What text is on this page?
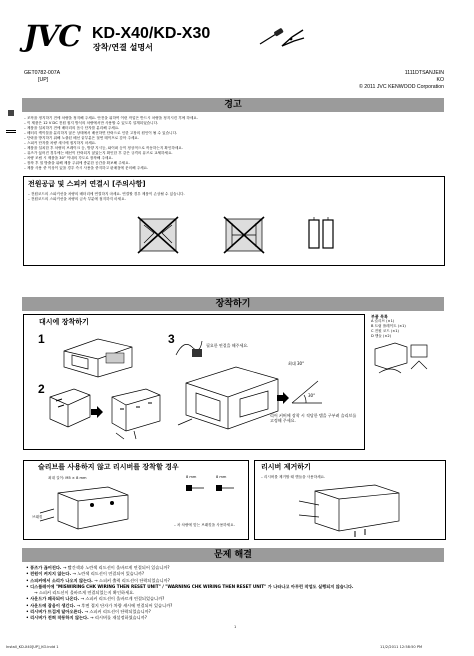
JVC KD-X40/KD-X30
장착/연결 설명서
GET0782-007A
[UP]
1111DTSANJEIN
KO
© 2011 JVC KENWOOD Corporation
경고
– 조작을 정지하기 전에 차량을 정지해 주세요. 안전을 위하여 이런 작업은 반드시 차량을 정지시킨 후에 하세요.
– 이 제품은 12 V DC 전원 접지 방식의 차량에서만 사용할 수 있도록 설계되었습니다.
– 제품을 설치하기 전에 배터리의 음극 단자를 분리해 주세요.
– 배터리 케이블을 분리하지 않은 상태에서 배선하면 단락으로 인한 고장의 원인이 될 수 있습니다.
– 단락을 방지하기 위해 노출된 배선 끝부분은 절연 테이프로 감아 주세요.
– 스피커 단자를 차량 섀시에 접지하지 마세요.
– 제품을 설치한 후 차량의 브레이크 등, 방향 지시등, 와이퍼 등이 정상적으로 작동하는지 확인하세요.
– 퓨즈가 끊어진 경우에는 배선이 단락되지 않았는지 확인한 후 같은 규격의 퓨즈로 교체하세요.
– 차량 조립 시 제품을 30° 이내의 각도로 장착해 주세요.
– 장착 후 열 방출을 위해 제품 주위에 충분한 공간을 확보해 주세요.
– 제품 사용 중 이상이 있을 경우 즉시 사용을 중지하고 판매점에 문의해 주세요.
전원공급 및 스피커 연결시 [주의사항]
– 전원코드의 스피커선을 차량의 배터리에 연결하지 마세요. 연결할 경우 제품이 손상될 수 있습니다.
– 전원코드의 스피커선을 차량의 금속 부분에 접지하지 마세요.
장착하기
대시에 장착하기
1
2
3	필요한 연결을 해주세요.
30°
최대 30°
리어 커버에 장착 시 적당한 탭을 구부려 슬리브를 고정해 주세요.
부품 목록
A 슬리브 (×1)
B 트림 플레이트 (×1)
C 전원 코드 (×1)
D 핸들 (×2)
슬리브를 사용하지 않고 리시버를 장착할 경우
최대 길이: M5 × 8 mm
브래킷
8 mm	8 mm
– 차 차량에 맞는 브래킷을 사용하세요.
리시버 제거하기
– 리시버를 제거할 때 핸들을 사용하세요.
문제 해결
• 퓨즈가 끊어진다. → 빨간색과 노란색 리드선이 올바르게 연결되어 있습니까?
• 전원이 켜지지 않는다. → 노란색 리드선이 연결되어 있습니까?
• 스피커에서 소리가 나오지 않는다. → 스피커 출력 리드선이 단락되었습니까?
• 디스플레이에 "MISWIRING CHK WIRING THEN RESET UNIT" / "WARNING CHK WIRING THEN RESET UNIT" 가 나타나고 아무런 작업도 실행되지 않습니다.
→ 스피커 리드선이 올바르게 연결되었는지 확인하세요.
• 사운드가 왜곡되어 나온다. → 스피커 리드선이 올바르게 연결되었습니까?
• 사운드에 잡음이 생긴다. → 후면 접지 단자가 차량 섀시에 연결되어 있습니까?
• 리시버가 뜨겁게 달아오른다. → 스피커 리드선이 단락되었습니까?
• 리시버가 전혀 작동하지 않는다. → 리시버를 재설정하였습니까?
1
Install_KD-X40[UP]_KO.indd 1	11/2/2011 12:58:50 PM
